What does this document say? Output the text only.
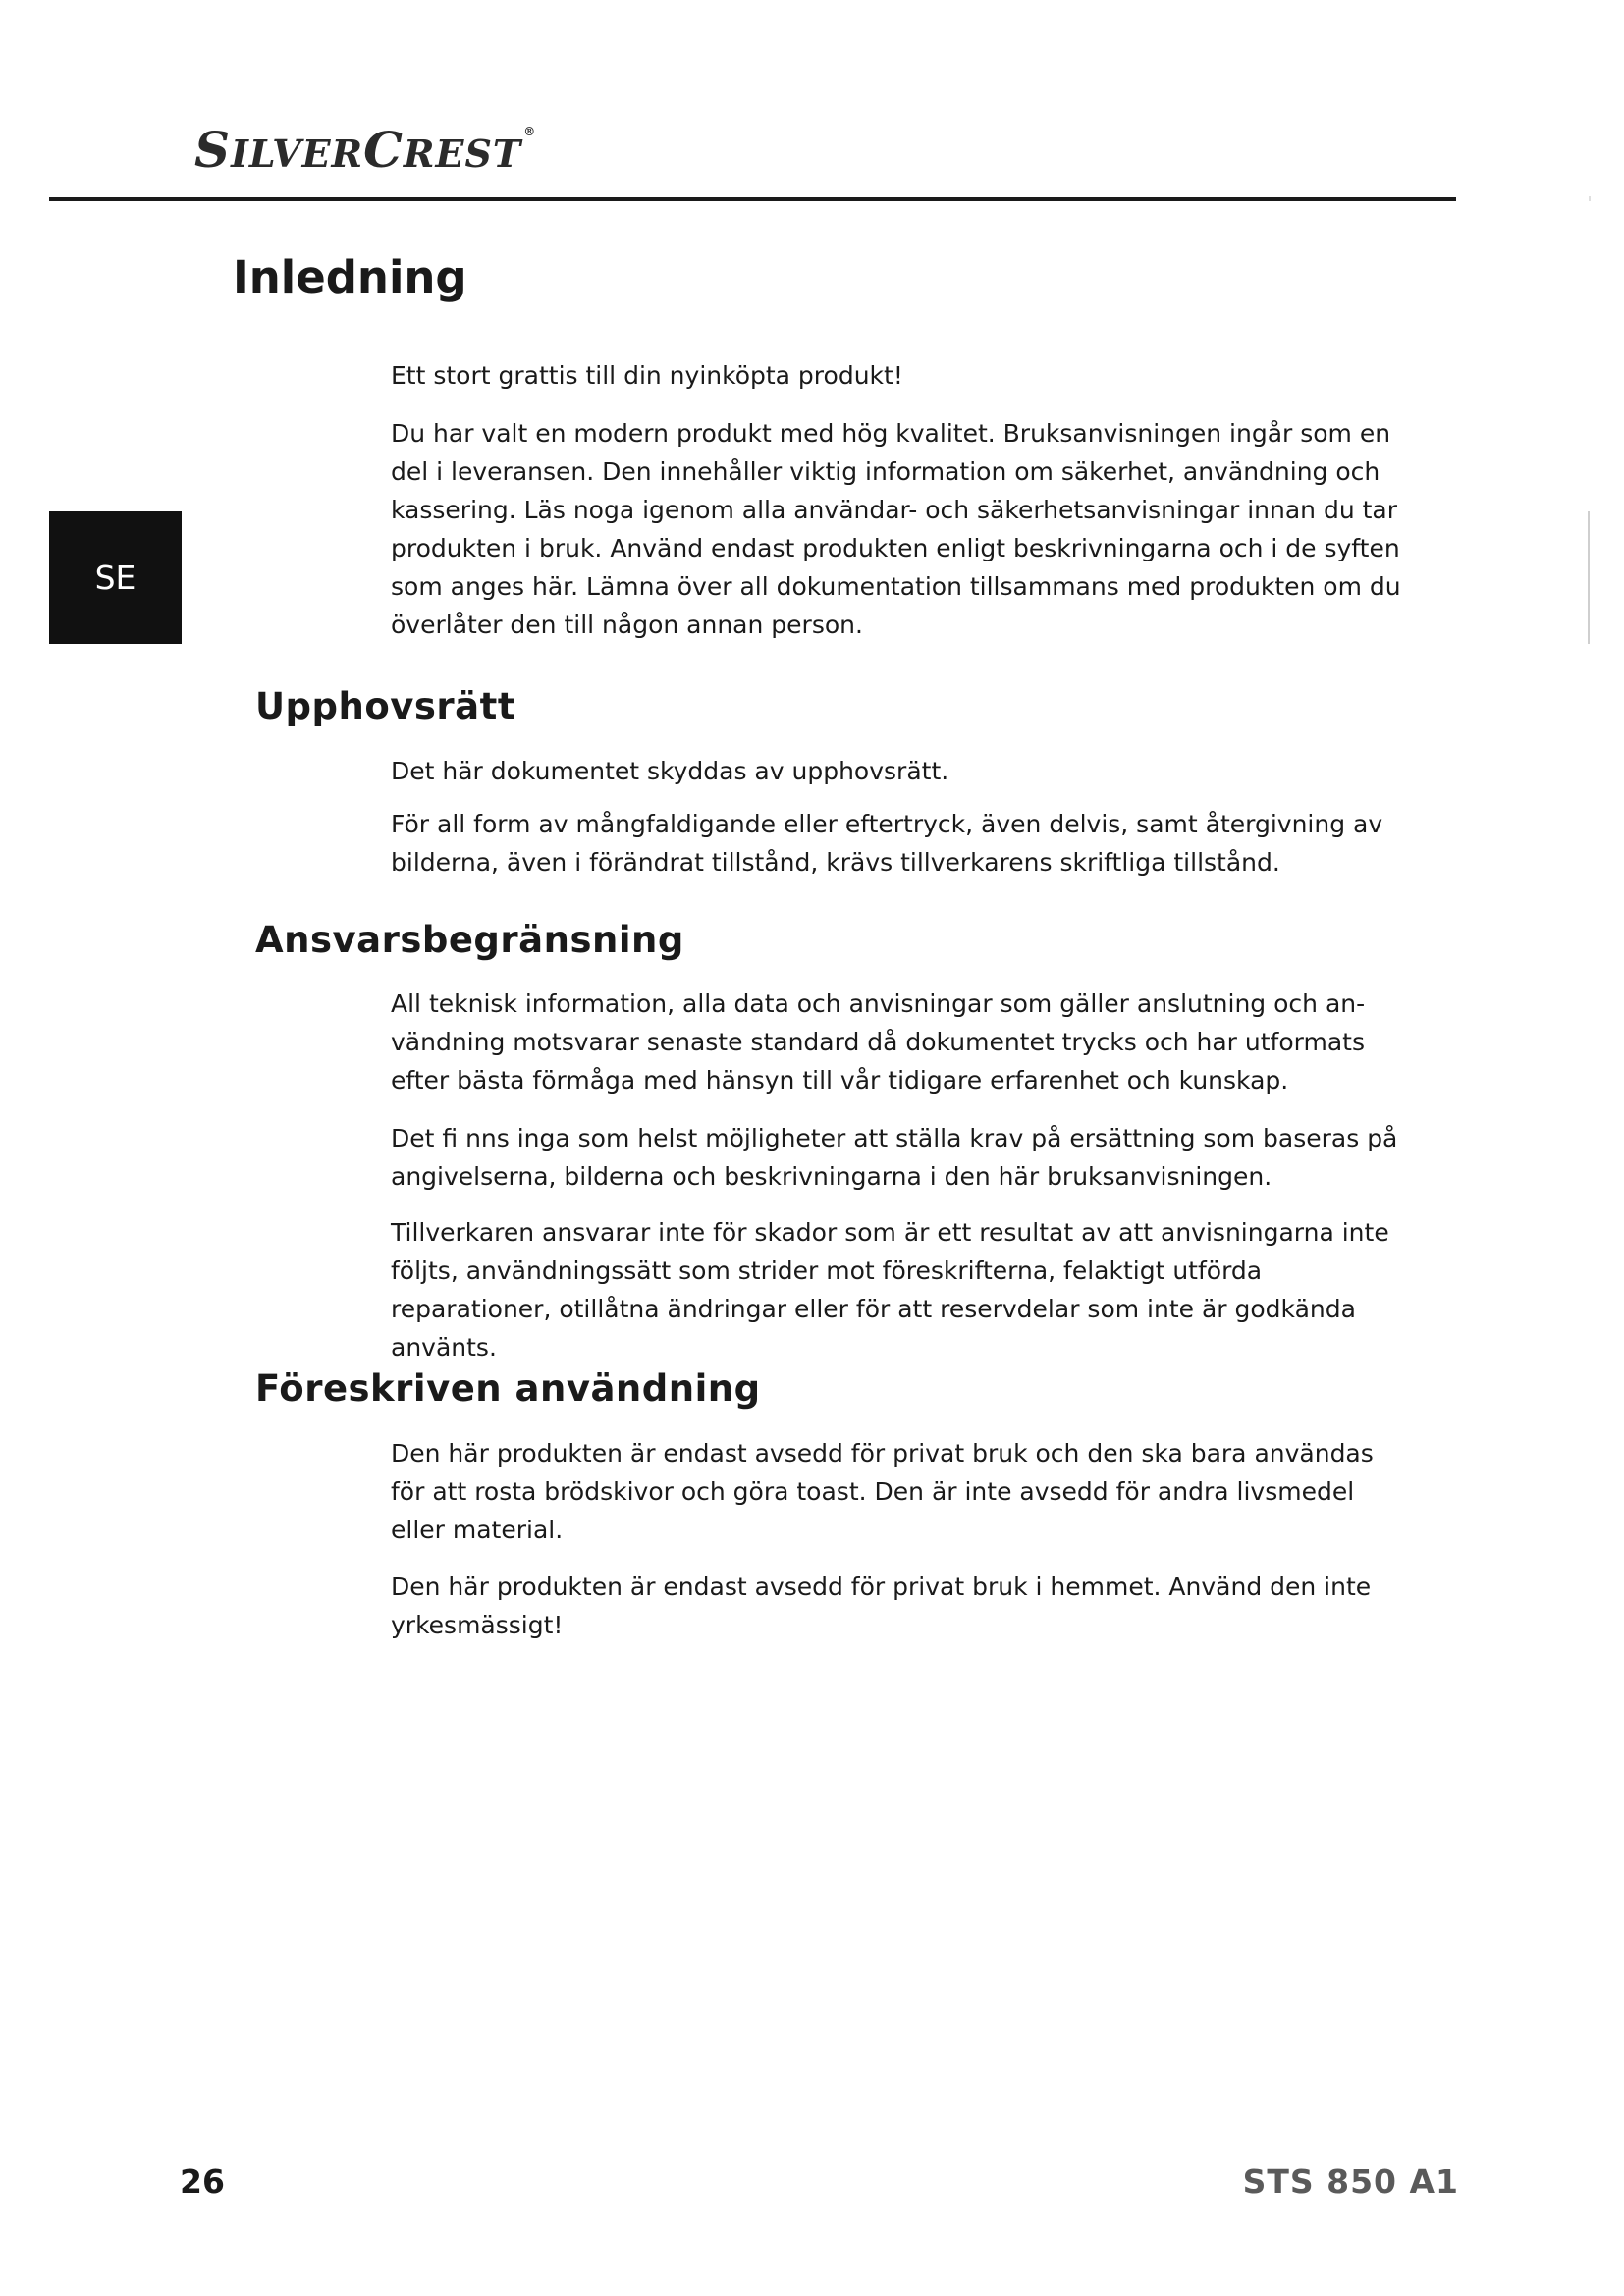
SILVERCREST ®
SE
Inledning

Ett stort grattis till din nyinköpta produkt!

Du har valt en modern produkt med hög kvalitet. Bruksanvisningen ingår som en del i leveransen. Den innehåller viktig information om säkerhet, användning och kassering. Läs noga igenom alla användar- och säkerhetsanvisningar innan du tar produkten i bruk. Använd endast produkten enligt beskrivningarna och i de syften som anges här. Lämna över all dokumentation tillsammans med produkten om du överlåter den till någon annan person.

Upphovsrätt

Det här dokumentet skyddas av upphovsrätt.

För all form av mångfaldigande eller eftertryck, även delvis, samt återgivning av bilderna, även i förändrat tillstånd, krävs tillverkarens skriftliga tillstånd.

Ansvarsbegränsning

All teknisk information, alla data och anvisningar som gäller anslutning och an- vändning motsvarar senaste standard då dokumentet trycks och har utformats efter bästa förmåga med hänsyn till vår tidigare erfarenhet och kunskap.

Det fi nns inga som helst möjligheter att ställa krav på ersättning som baseras på angivelserna, bilderna och beskrivningarna i den här bruksanvisningen.

Tillverkaren ansvarar inte för skador som är ett resultat av att anvisningarna inte följts, användningssätt som strider mot föreskrifterna, felaktigt utförda reparationer, otillåtna ändringar eller för att reservdelar som inte är godkända använts.

Föreskriven användning

Den här produkten är endast avsedd för privat bruk och den ska bara användas för att rosta brödskivor och göra toast. Den är inte avsedd för andra livsmedel eller material.

Den här produkten är endast avsedd för privat bruk i hemmet. Använd den inte yrkesmässigt!

26	STS 850 A1
